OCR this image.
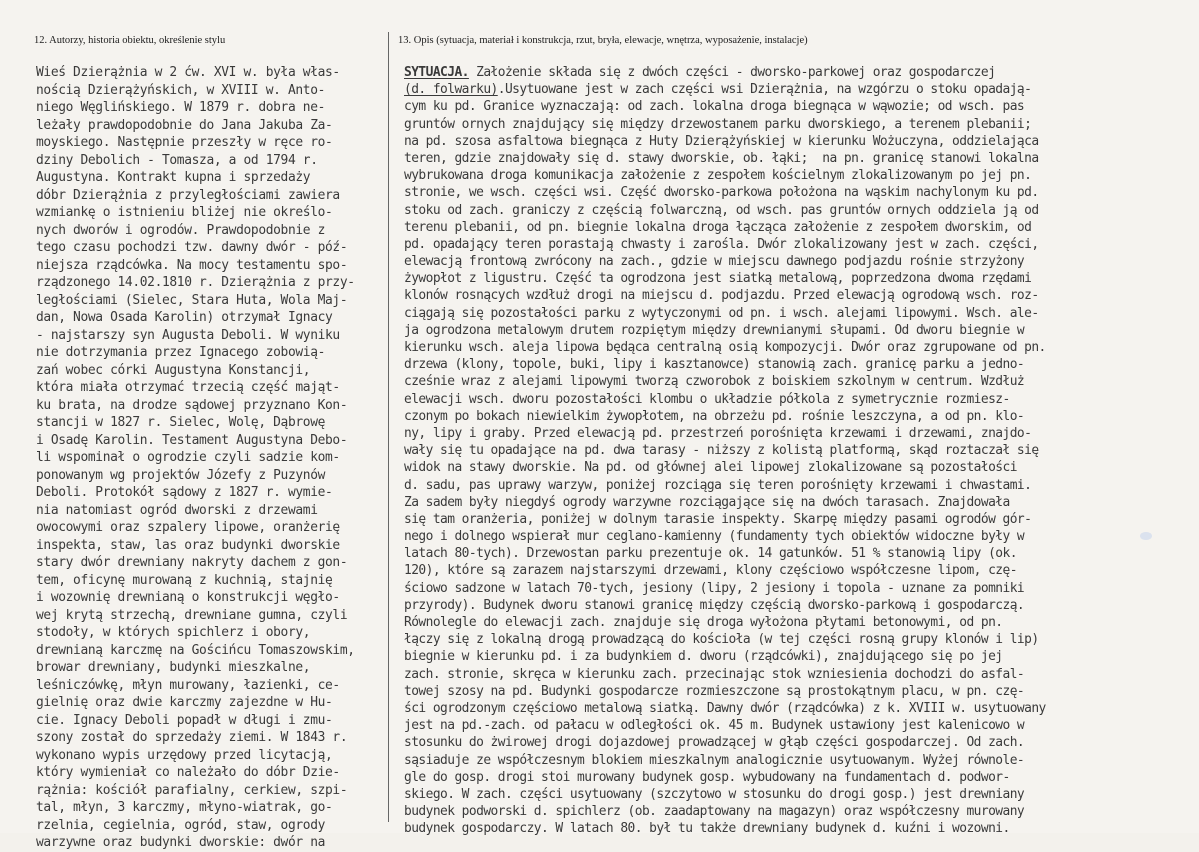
12. Autorzy, historia obiektu, określenie stylu	13. Opis (sytuacja, materiał i konstrukcja, rzut, bryła, elewacje, wnętrza, wyposażenie, instalacje)
Wieś Dzierążnia w 2 ćw. XVI w. była włas-
nością Dzierążyńskich, w XVIII w. Anto-
niego Węglińskiego. W 1879 r. dobra ne-
leżały prawdopodobnie do Jana Jakuba Za-
moyskiego. Następnie przeszły w ręce ro-
dziny Debolich - Tomasza, a od 1794 r.
Augustyna. Kontrakt kupna i sprzedaży
dóbr Dzierążnia z przyległościami zawiera
wzmiankę o istnieniu bliżej nie określo-
nych dworów i ogrodów. Prawdopodobnie z
tego czasu pochodzi tzw. dawny dwór - póź-
niejsza rządcówka. Na mocy testamentu spo-
rządzonego 14.02.1810 r. Dzierążnia z przy-
ległościami (Sielec, Stara Huta, Wola Maj-
dan, Nowa Osada Karolin) otrzymał Ignacy
- najstarszy syn Augusta Deboli. W wyniku
nie dotrzymania przez Ignacego zobowią-
zań wobec córki Augustyna Konstancji,
która miała otrzymać trzecią część mająt-
ku brata, na drodze sądowej przyznano Kon-
stancji w 1827 r. Sielec, Wolę, Dąbrowę
i Osadę Karolin. Testament Augustyna Debo-
li wspominał o ogrodzie czyli sadzie kom-
ponowanym wg projektów Józefy z Puzynów
Deboli. Protokół sądowy z 1827 r. wymie-
nia natomiast ogród dworski z drzewami
owocowymi oraz szpalery lipowe, oranżerię
inspekta, staw, las oraz budynki dworskie
stary dwór drewniany nakryty dachem z gon-
tem, oficynę murowaną z kuchnią, stajnię
i wozownię drewnianą o konstrukcji węgło-
wej krytą strzechą, drewniane gumna, czyli
stodoły, w których spichlerz i obory,
drewnianą karczmę na Gościńcu Tomaszowskim,
browar drewniany, budynki mieszkalne,
leśniczówkę, młyn murowany, łazienki, ce-
gielnię oraz dwie karczmy zajezdne w Hu-
cie. Ignacy Deboli popadł w długi i zmu-
szony został do sprzedaży ziemi. W 1843 r.
wykonano wypis urzędowy przed licytacją,
który wymieniał co należało do dóbr Dzie-
rążnia: kościół parafialny, cerkiew, szpi-
tal, młyn, 3 karczmy, młyno-wiatrak, go-
rzelnia, cegielnia, ogród, staw, ogrody
warzywne oraz budynki dworskie: dwór na
SYTUACJA. Założenie składa się z dwóch części - dworsko-parkowej oraz gospodarczej
(d. folwarku).Usytuowane jest w zach części wsi Dzierążnia, na wzgórzu o stoku opadają-
cym ku pd. Granice wyznaczają: od zach. lokalna droga biegnąca w wąwozie; od wsch. pas
gruntów ornych znajdujący się między drzewostanem parku dworskiego, a terenem plebanii;
na pd. szosa asfaltowa biegnąca z Huty Dzierążyńskiej w kierunku Wożuczyna, oddzielająca
teren, gdzie znajdowały się d. stawy dworskie, ob. łąki;  na pn. granicę stanowi lokalna
wybrukowana droga komunikacja założenie z zespołem kościelnym zlokalizowanym po jej pn.
stronie, we wsch. części wsi. Część dworsko-parkowa położona na wąskim nachylonym ku pd.
stoku od zach. graniczy z częścią folwarczną, od wsch. pas gruntów ornych oddziela ją od
terenu plebanii, od pn. biegnie lokalna droga łącząca założenie z zespołem dworskim, od
pd. opadający teren porastają chwasty i zarośla. Dwór zlokalizowany jest w zach. części,
elewacją frontową zwrócony na zach., gdzie w miejscu dawnego podjazdu rośnie strzyżony
żywopłot z ligustru. Część ta ogrodzona jest siatką metalową, poprzedzona dwoma rzędami
klonów rosnących wzdłuż drogi na miejscu d. podjazdu. Przed elewacją ogrodową wsch. roz-
ciągają się pozostałości parku z wytyczonymi od pn. i wsch. alejami lipowymi. Wsch. ale-
ja ogrodzona metalowym drutem rozpiętym między drewnianymi słupami. Od dworu biegnie w
kierunku wsch. aleja lipowa będąca centralną osią kompozycji. Dwór oraz zgrupowane od pn.
drzewa (klony, topole, buki, lipy i kasztanowce) stanowią zach. granicę parku a jedno-
cześnie wraz z alejami lipowymi tworzą czworobok z boiskiem szkolnym w centrum. Wzdłuż
elewacji wsch. dworu pozostałości klombu o układzie półkola z symetrycznie rozmiesz-
czonym po bokach niewielkim żywopłotem, na obrzeżu pd. rośnie leszczyna, a od pn. klo-
ny, lipy i graby. Przed elewacją pd. przestrzeń porośnięta krzewami i drzewami, znajdo-
wały się tu opadające na pd. dwa tarasy - niższy z kolistą platformą, skąd roztaczał się
widok na stawy dworskie. Na pd. od głównej alei lipowej zlokalizowane są pozostałości
d. sadu, pas uprawy warzyw, poniżej rozciąga się teren porośnięty krzewami i chwastami.
Za sadem były niegdyś ogrody warzywne rozciągające się na dwóch tarasach. Znajdowała
się tam oranżeria, poniżej w dolnym tarasie inspekty. Skarpę między pasami ogrodów gór-
nego i dolnego wspierał mur ceglano-kamienny (fundamenty tych obiektów widoczne były w
latach 80-tych). Drzewostan parku prezentuje ok. 14 gatunków. 51 % stanowią lipy (ok.
120), które są zarazem najstarszymi drzewami, klony częściowo współczesne lipom, czę-
ściowo sadzone w latach 70-tych, jesiony (lipy, 2 jesiony i topola - uznane za pomniki
przyrody). Budynek dworu stanowi granicę między częścią dworsko-parkową i gospodarczą.
Równolegle do elewacji zach. znajduje się droga wyłożona płytami betonowymi, od pn.
łączy się z lokalną drogą prowadzącą do kościoła (w tej części rosną grupy klonów i lip)
biegnie w kierunku pd. i za budynkiem d. dworu (rządcówki), znajdującego się po jej
zach. stronie, skręca w kierunku zach. przecinając stok wzniesienia dochodzi do asfal-
towej szosy na pd. Budynki gospodarcze rozmieszczone są prostokątnym placu, w pn. czę-
ści ogrodzonym częściowo metalową siatką. Dawny dwór (rządcówka) z k. XVIII w. usytuowany
jest na pd.-zach. od pałacu w odległości ok. 45 m. Budynek ustawiony jest kalenicowo w
stosunku do żwirowej drogi dojazdowej prowadzącej w głąb części gospodarczej. Od zach.
sąsiaduje ze współczesnym blokiem mieszkalnym analogicznie usytuowanym. Wyżej równole-
gle do gosp. drogi stoi murowany budynek gosp. wybudowany na fundamentach d. podwor-
skiego. W zach. części usytuowany (szczytowo w stosunku do drogi gosp.) jest drewniany
budynek podworski d. spichlerz (ob. zaadaptowany na magazyn) oraz współczesny murowany
budynek gospodarczy. W latach 80. był tu także drewniany budynek d. kuźni i wozowni.
